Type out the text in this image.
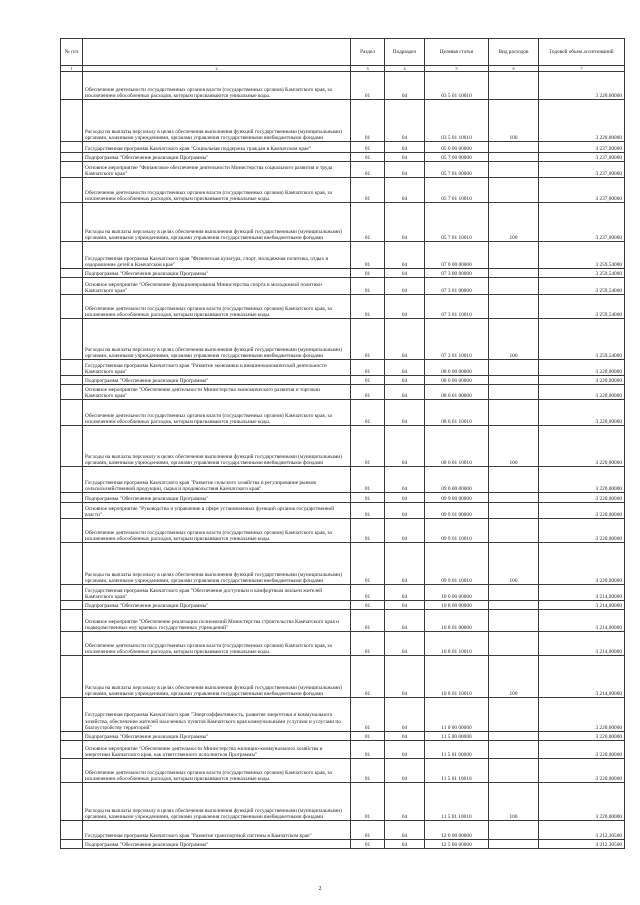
№ п/п		Раздел	Подраздел	Целевая статья	Вид расходов	Годовой объем ассигнований
1	2	3	4	5	6	7
	Обеспечение деятельности государственных органов власти (государственных органов) Камчатского края, за исключением обособленных расходов, которым присваиваются уникальные коды.	01	04	03 5 01 10010		3 220,00000
	Расходы на выплаты персоналу в целях обеспечения выполнения функций государственными (муниципальными) органами, казенными учреждениями, органами управления государственными внебюджетными фондами	01	04	03 5 01 10010	100	3 220,00000
	Государственная программа Камчатского края "Социальная поддержка граждан в Камчатском крае"	01	04	05 0 00 00000		3 237,00000
	Подпрограмма "Обеспечение реализации Программы"	01	04	05 7 00 00000		3 237,00000
	Основное мероприятие "Финансовое обеспечение деятельности Министерства социального развития и труда Камчатского края"	01	04	05 7 01 00000		3 237,00000
	Обеспечение деятельности государственных органов власти (государственных органов) Камчатского края, за исключением обособленных расходов, которым присваиваются уникальные коды.	01	04	05 7 01 10010		3 237,00000
	Расходы на выплаты персоналу в целях обеспечения выполнения функций государственными (муниципальными) органами, казенными учреждениями, органами управления государственными внебюджетными фондами	01	04	05 7 01 10010	100	3 237,00000
	Государственная программа Камчатского края "Физическая культура, спорт, молодежная политика, отдых и оздоровление детей в Камчатском крае"	01	04	07 0 00 00000		3 259,54000
	Подпрограмма "Обеспечение реализации Программы"	01	04	07 3 00 00000		3 259,54000
	Основное мероприятие "Обеспечение функционирования Министерства спорта и молодежной политики Камчатского края"	01	04	07 3 01 00000		3 259,54000
	Обеспечение деятельности государственных органов власти (государственных органов) Камчатского края, за исключением обособленных расходов, которым присваиваются уникальные коды.	01	04	07 3 01 10010		3 259,54000
	Расходы на выплаты персоналу в целях обеспечения выполнения функций государственными (муниципальными) органами, казенными учреждениями, органами управления государственными внебюджетными фондами	01	04	07 3 01 10010	100	3 259,54000
	Государственная программа Камчатского края "Развитие экономики и внешнеэкономической деятельности Камчатского края"	01	04	08 0 00 00000		3 220,00000
	Подпрограмма "Обеспечение реализации Программы"	01	04	08 6 00 00000		3 220,00000
	Основное мероприятие "Обеспечение деятельности Министерства экономического развития и торговли Камчатского края"	01	04	08 6 01 00000		3 220,00000
	Обеспечение деятельности государственных органов власти (государственных органов) Камчатского края, за исключением обособленных расходов, которым присваиваются уникальные коды.	01	04	08 6 01 10010		3 220,00000
	Расходы на выплаты персоналу в целях обеспечения выполнения функций государственными (муниципальными) органами, казенными учреждениями, органами управления государственными внебюджетными фондами	01	04	08 6 01 10010	100	3 220,00000
	Государственная программа Камчатского края "Развитие сельского хозяйства и регулирование рынков сельскохозяйственной продукции, сырья и продовольствия Камчатского края"	01	04	09 0 00 00000		3 220,00000
	Подпрограмма "Обеспечение реализации Программы"	01	04	09 9 00 00000		3 220,00000
	Основное мероприятие "Руководство и управление в сфере установленных функций органов государственной власти"	01	04	09 9 01 00000		3 220,00000
	Обеспечение деятельности государственных органов власти (государственных органов) Камчатского края, за исключением обособленных расходов, которым присваиваются уникальные коды.	01	04	09 9 01 10010		3 220,00000
	Расходы на выплаты персоналу в целях обеспечения выполнения функций государственными (муниципальными) органами, казенными учреждениями, органами управления государственными внебюджетными фондами	01	04	09 9 01 10010	100	3 220,00000
	Государственная программа Камчатского края "Обеспечение доступным и комфортным жильем жителей Камчатского края"	01	04	10 0 00 00000		3 214,00000
	Подпрограмма "Обеспечение реализации Программы"	01	04	10 8 00 00000		3 214,00000
	Основное мероприятие "Обеспечение реализации полномочий Министерства строительства Камчатского края и подведомственных ему краевых государственных учреждений"	01	04	10 8 01 00000		3 214,00000
	Обеспечение деятельности государственных органов власти (государственных органов) Камчатского края, за исключением обособленных расходов, которым присваиваются уникальные коды.	01	04	10 8 01 10010		3 214,00000
	Расходы на выплаты персоналу в целях обеспечения выполнения функций государственными (муниципальными) органами, казенными учреждениями, органами управления государственными внебюджетными фондами	01	04	10 8 01 10010	100	3 214,00000
	Государственная программа Камчатского края "Энергоэффективность, развитие энергетики и коммунального хозяйства, обеспечение жителей населенных пунктов Камчатского края коммунальными услугами и услугами по благоустройству территорий"	01	04	11 0 00 00000		3 220,00000
	Подпрограмма "Обеспечение реализации Программы"	01	04	11 5 00 00000		3 220,00000
	Основное мероприятие "Обеспечение деятельности Министерства жилищно-коммунального хозяйства и энергетики Камчатского края, как ответственного исполнителя Программы"	01	04	11 5 01 00000		3 220,00000
	Обеспечение деятельности государственных органов власти (государственных органов) Камчатского края, за исключением обособленных расходов, которым присваиваются уникальные коды.	01	04	11 5 01 10010		3 220,00000
	Расходы на выплаты персоналу в целях обеспечения выполнения функций государственными (муниципальными) органами, казенными учреждениями, органами управления государственными внебюджетными фондами	01	04	11 5 01 10010	100	3 220,00000
	Государственная программа Камчатского края "Развитие транспортной системы в Камчатском крае"	01	04	12 0 00 00000		3 212,30500
	Подпрограмма "Обеспечение реализации Программы"	01	04	12 5 00 00000		3 212,30500
2
